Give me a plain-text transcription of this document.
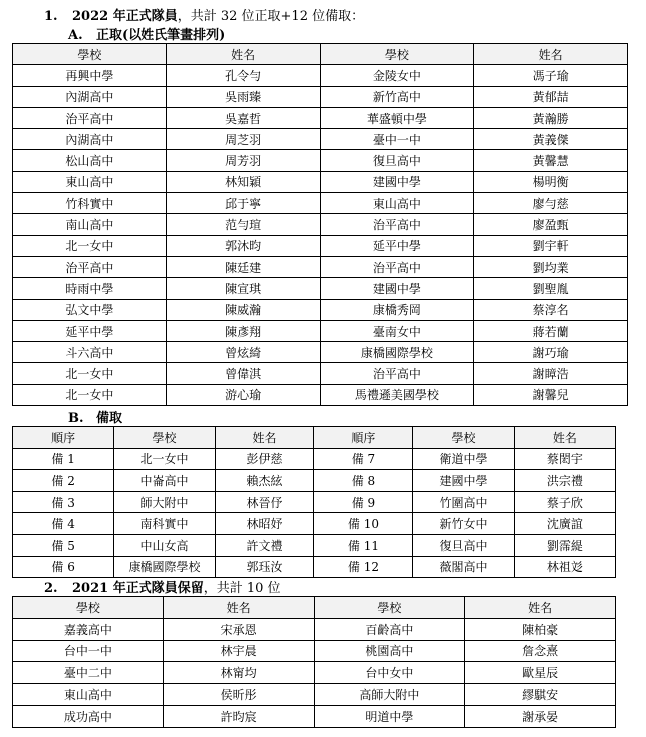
1. 2022 年正式隊員，共計 32 位正取+12 位備取：
A. 正取(以姓氏筆畫排列)
學校	姓名	學校	姓名
再興中學	孔令勻	金陵女中	馮子瑜
內湖高中	吳雨臻	新竹高中	黃郁喆
治平高中	吳嘉哲	華盛頓中學	黃瀚勝
內湖高中	周芝羽	臺中一中	黃義傑
松山高中	周芳羽	復旦高中	黃馨慧
東山高中	林知穎	建國中學	楊明衡
竹科實中	邱于寧	東山高中	廖勻慈
南山高中	范勻瑄	治平高中	廖盈甄
北一女中	郭沐昀	延平中學	劉宇軒
治平高中	陳廷建	治平高中	劉均業
時雨中學	陳宣琪	建國中學	劉聖胤
弘文中學	陳威瀚	康橋秀岡	蔡淳名
延平中學	陳彥翔	臺南女中	蔣若蘭
斗六高中	曾炫綺	康橋國際學校	謝巧瑜
北一女中	曾偉淇	治平高中	謝瞕浩
北一女中	游心瑜	馬禮遜美國學校	謝馨兒
B. 備取
順序	學校	姓名	順序	學校	姓名
備 1	北一女中	彭伊慈	備 7	衛道中學	蔡閎宇
備 2	中崙高中	賴杰絃	備 8	建國中學	洪宗禮
備 3	師大附中	林晉伃	備 9	竹圍高中	蔡子欣
備 4	南科實中	林昭妤	備 10	新竹女中	沈廣誼
備 5	中山女高	許文禮	備 11	復旦高中	劉霈緹
備 6	康橋國際學校	郭珏汝	備 12	薇閣高中	林祖彣
2. 2021 年正式隊員保留，共計 10 位
學校	姓名	學校	姓名
嘉義高中	宋承恩	百齡高中	陳柏豪
台中一中	林宇晨	桃園高中	詹念熹
臺中二中	林甯均	台中女中	歐星辰
東山高中	侯昕彤	高師大附中	繆騏安
成功高中	許昀宸	明道中學	謝承晏
